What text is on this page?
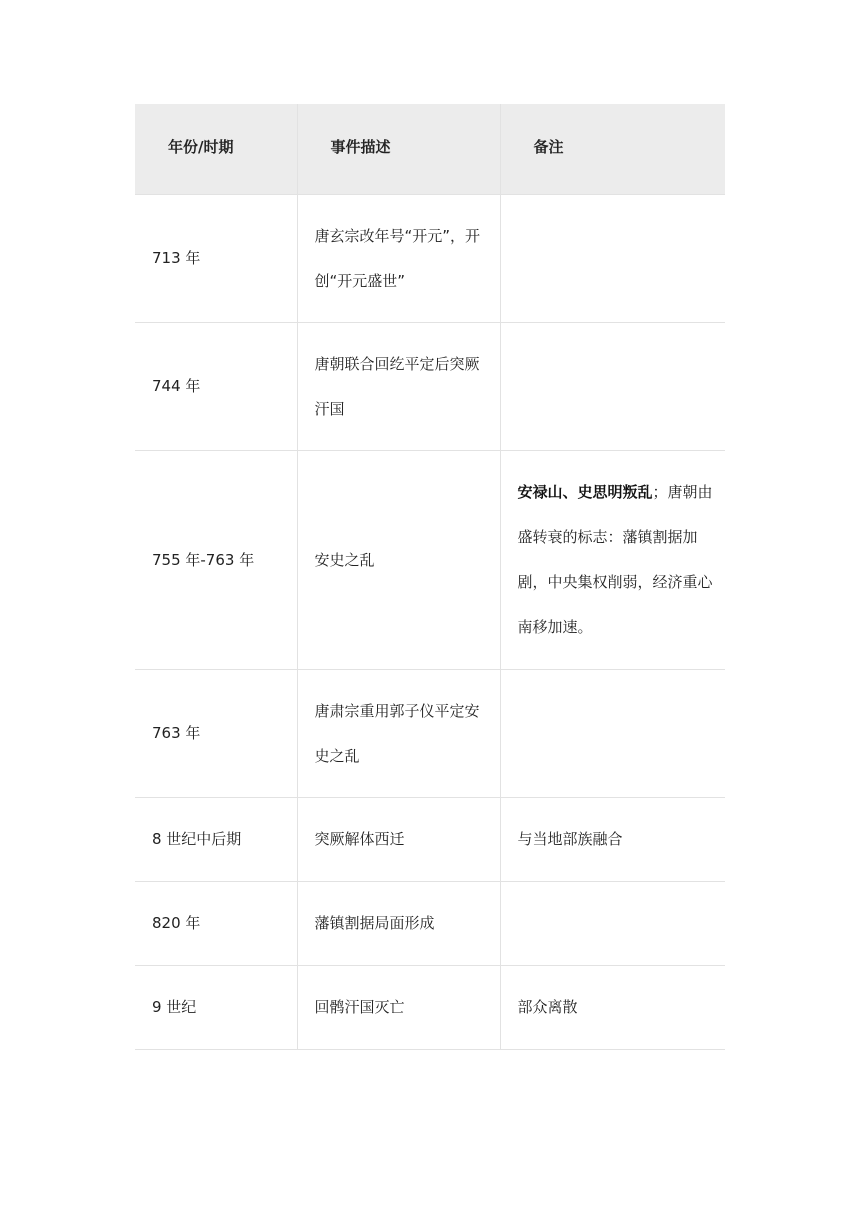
年份/时期	事件描述	备注
713 年	唐玄宗改年号“开元”，开创“开元盛世”	
744 年	唐朝联合回纥平定后突厥汗国	
755 年-763 年	安史之乱	安禄山、史思明叛乱；唐朝由盛转衰的标志：藩镇割据加剧，中央集权削弱，经济重心南移加速。
763 年	唐肃宗重用郭子仪平定安史之乱	
8 世纪中后期	突厥解体西迁	与当地部族融合
820 年	藩镇割据局面形成	
9 世纪	回鹘汗国灭亡	部众离散
